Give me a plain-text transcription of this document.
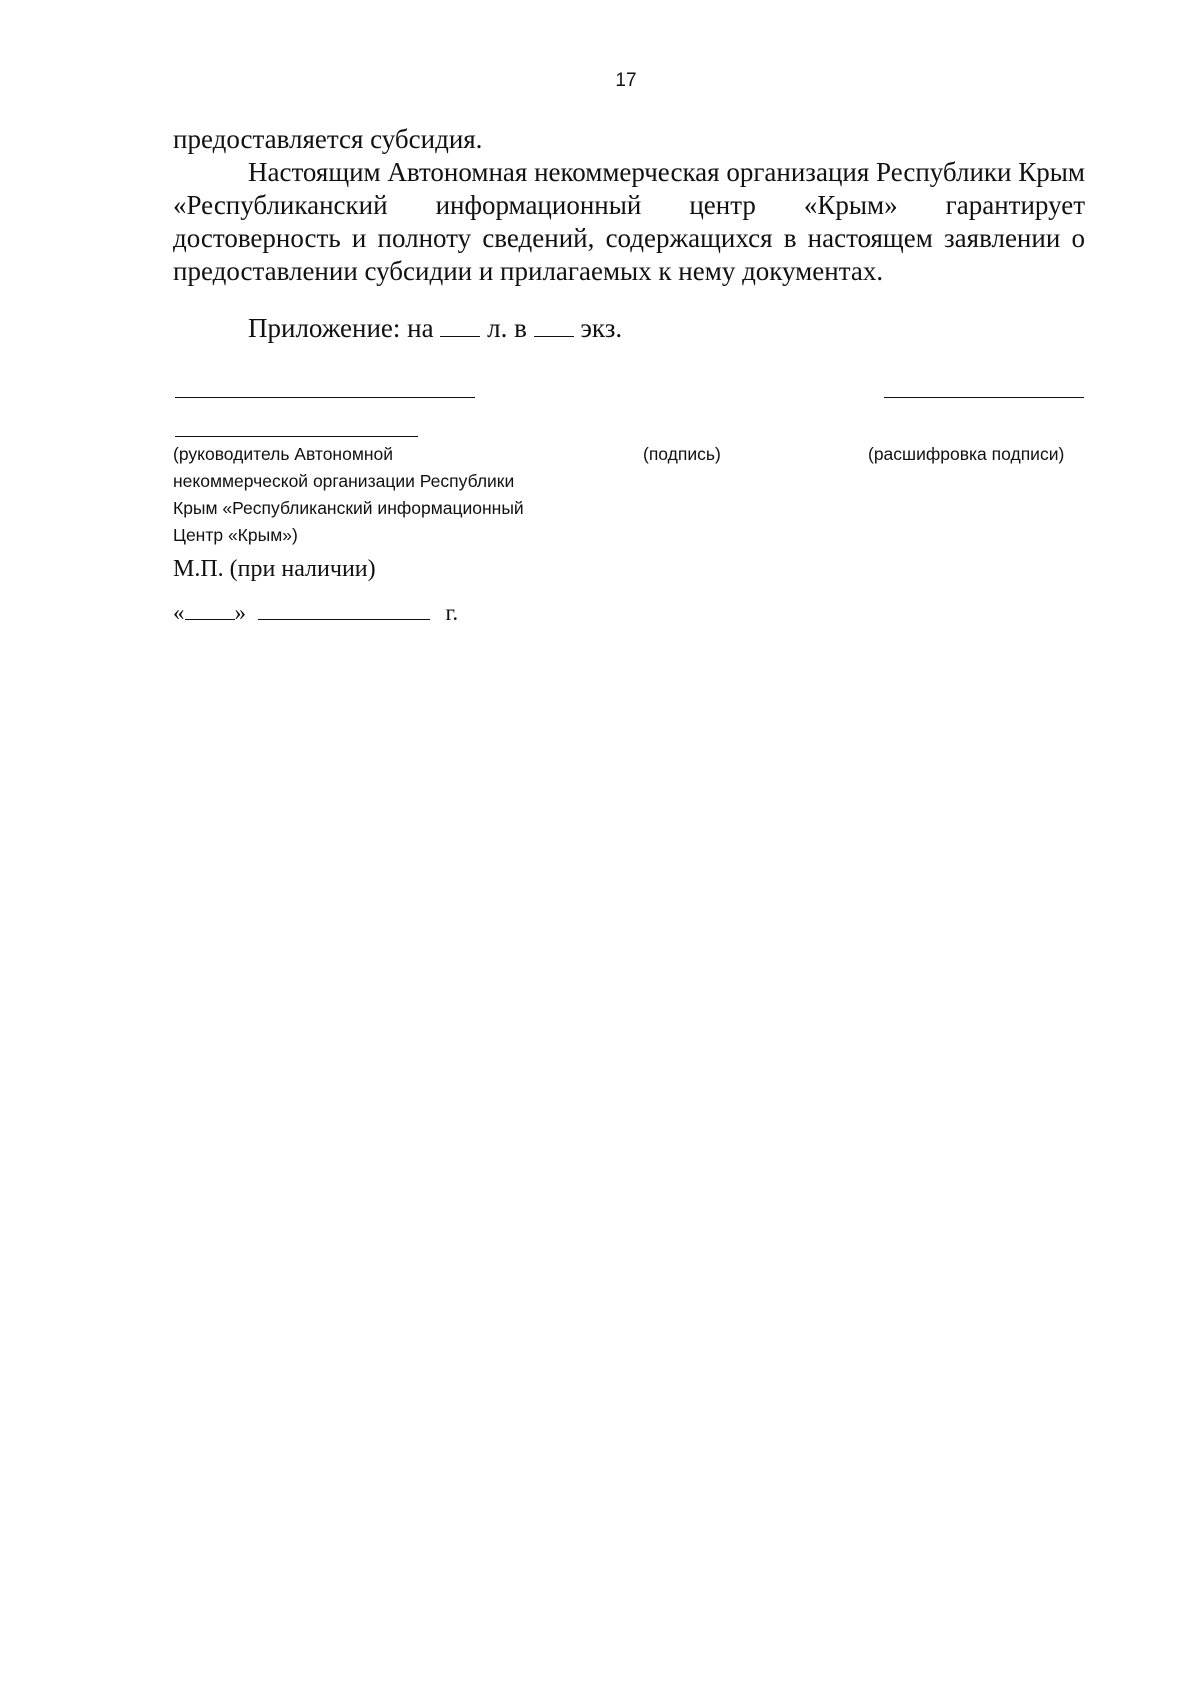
17
предоставляется субсидия.
Настоящим Автономная некоммерческая организация Республики Крым «Республиканский информационный центр «Крым» гарантирует достоверность и полноту сведений, содержащихся в настоящем заявлении о предоставлении субсидии и прилагаемых к нему документах.
Приложение: на л. в экз.
(руководитель Автономной
некоммерческой организации Республики
Крым «Республиканский информационный
Центр «Крым»)
(подпись)	(расшифровка подписи)
М.П. (при наличии)
« »	г.
